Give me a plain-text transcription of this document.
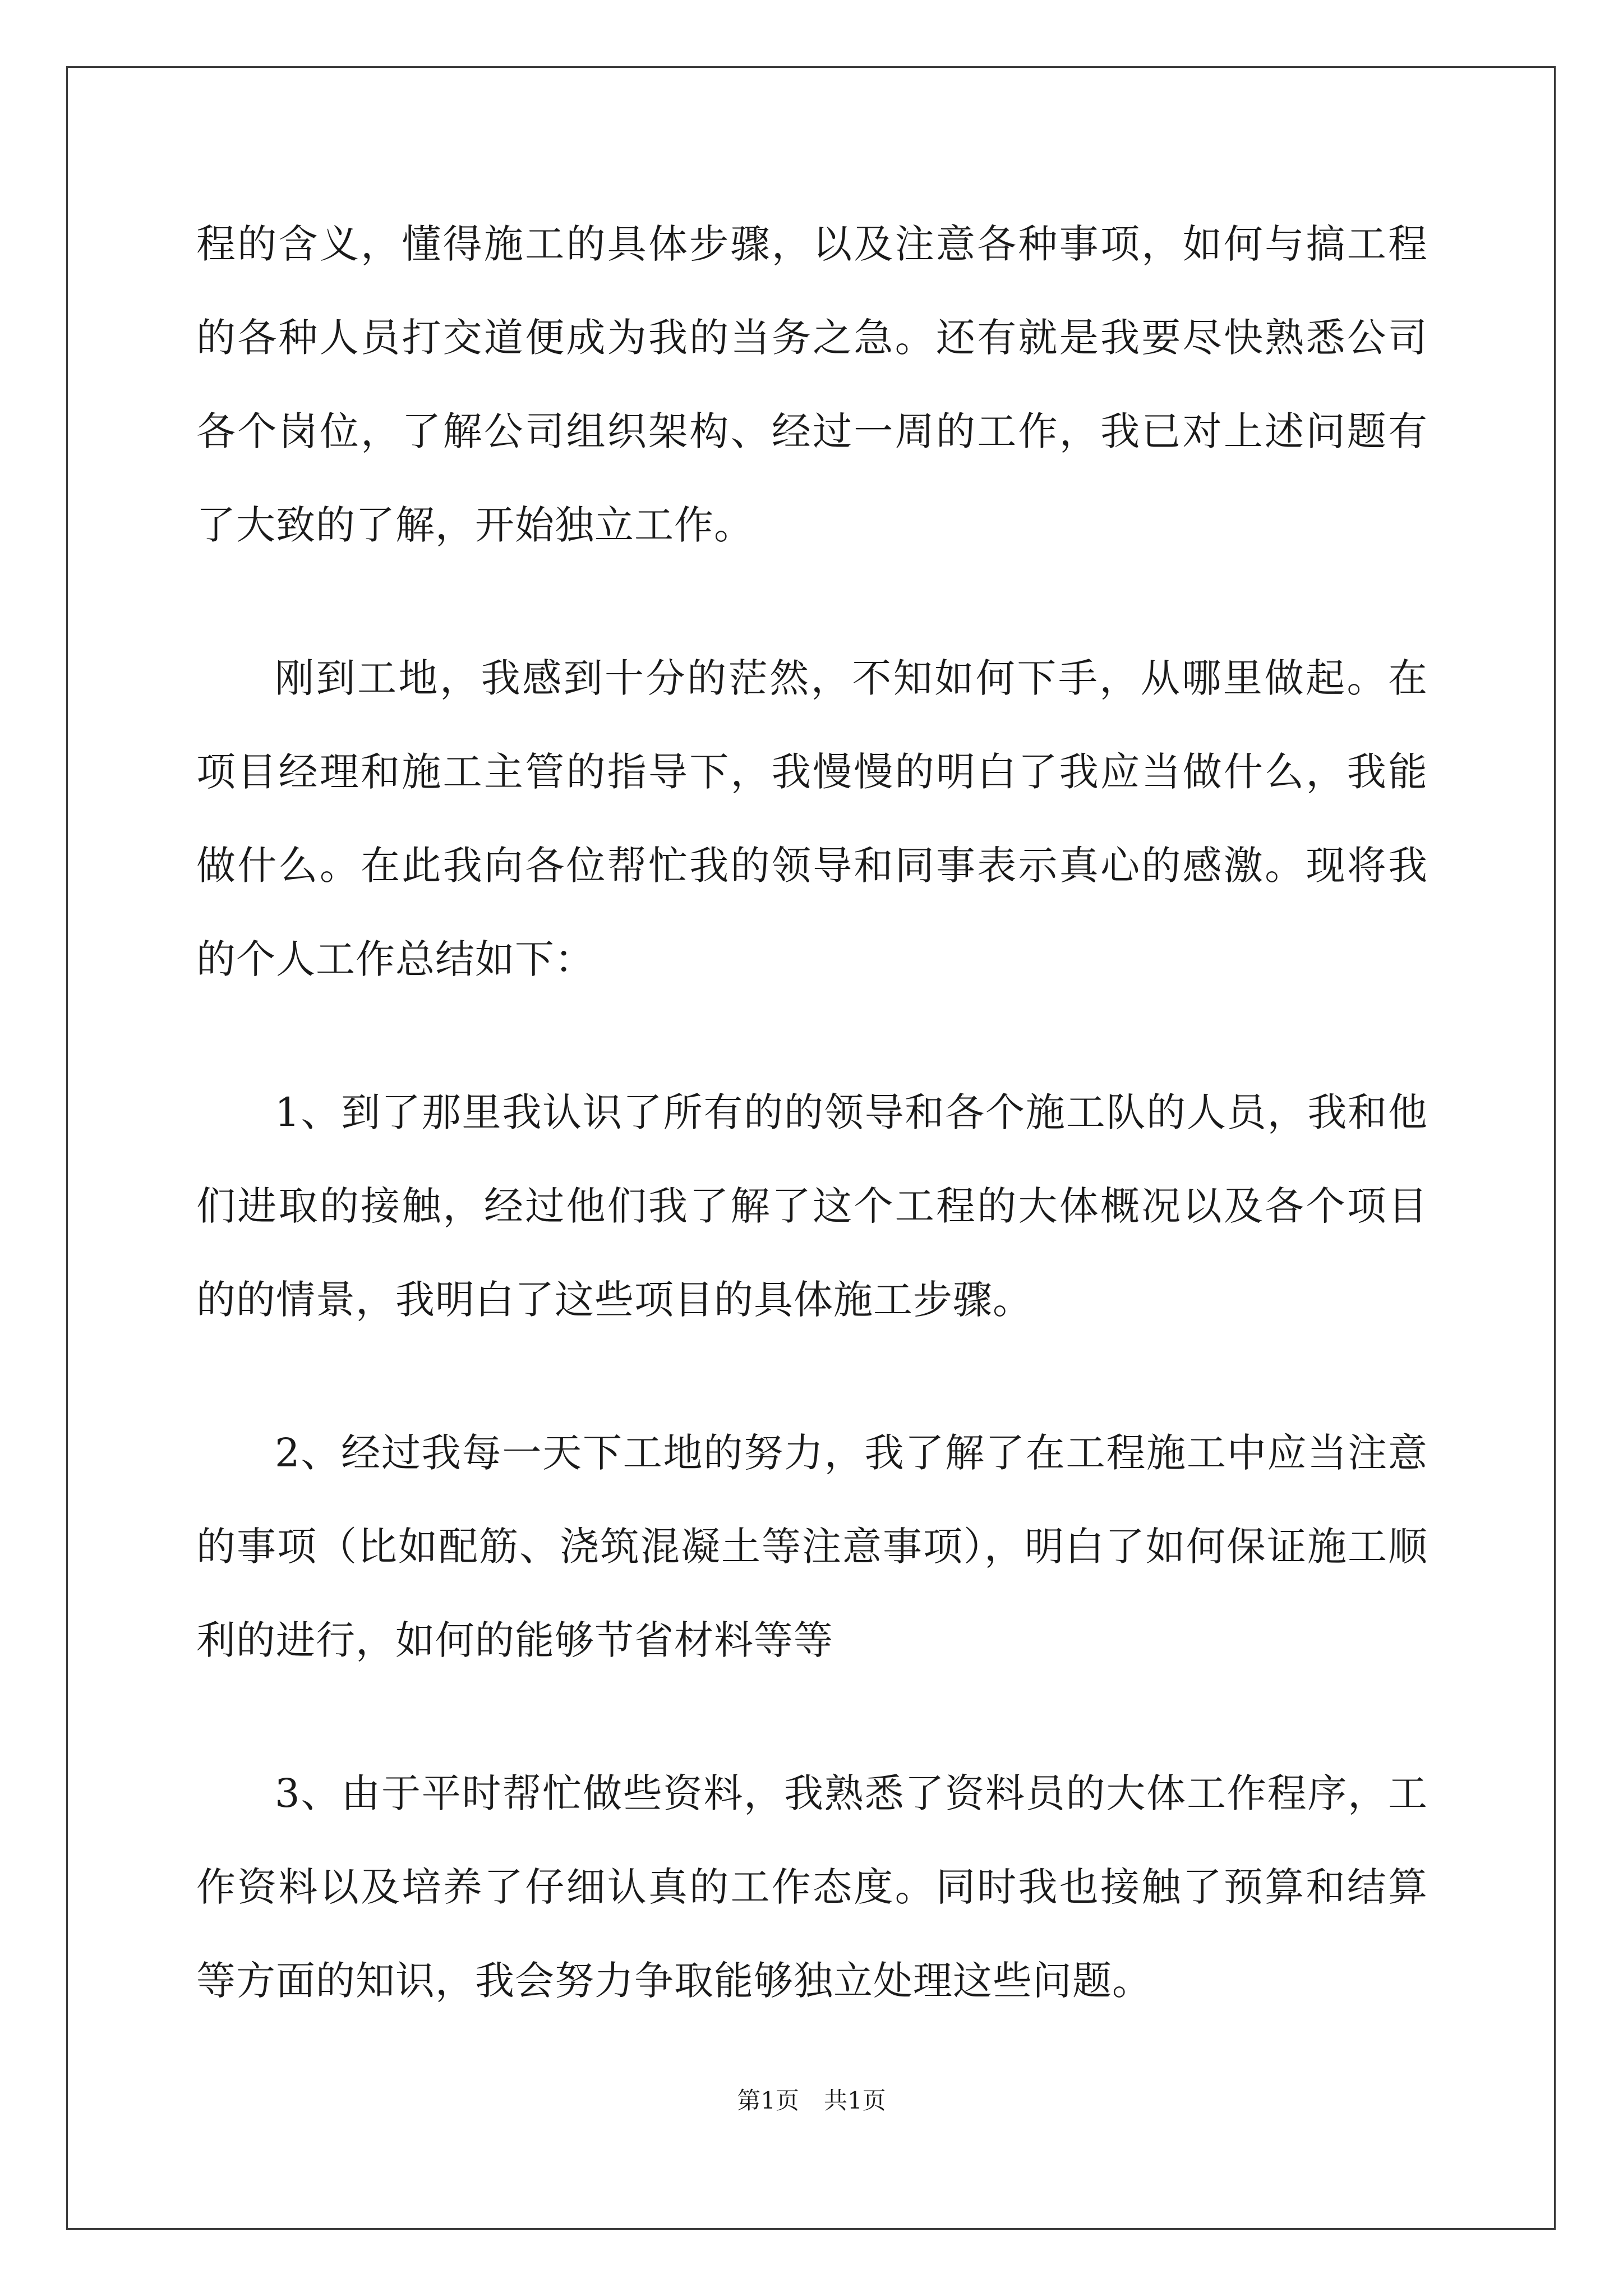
程的含义，懂得施工的具体步骤，以及注意各种事项，如何与搞工程的各种人员打交道便成为我的当务之急。还有就是我要尽快熟悉公司各个岗位，了解公司组织架构、经过一周的工作，我已对上述问题有了大致的了解，开始独立工作。

刚到工地，我感到十分的茫然，不知如何下手，从哪里做起。在项目经理和施工主管的指导下，我慢慢的明白了我应当做什么，我能做什么。在此我向各位帮忙我的领导和同事表示真心的感激。现将我的个人工作总结如下：

1、到了那里我认识了所有的的领导和各个施工队的人员，我和他们进取的接触，经过他们我了解了这个工程的大体概况以及各个项目的的情景，我明白了这些项目的具体施工步骤。

2、经过我每一天下工地的努力，我了解了在工程施工中应当注意的事项（比如配筋、浇筑混凝土等注意事项），明白了如何保证施工顺利的进行，如何的能够节省材料等等

3、由于平时帮忙做些资料，我熟悉了资料员的大体工作程序，工作资料以及培养了仔细认真的工作态度。同时我也接触了预算和结算等方面的知识，我会努力争取能够独立处理这些问题。

第1页 共1页
